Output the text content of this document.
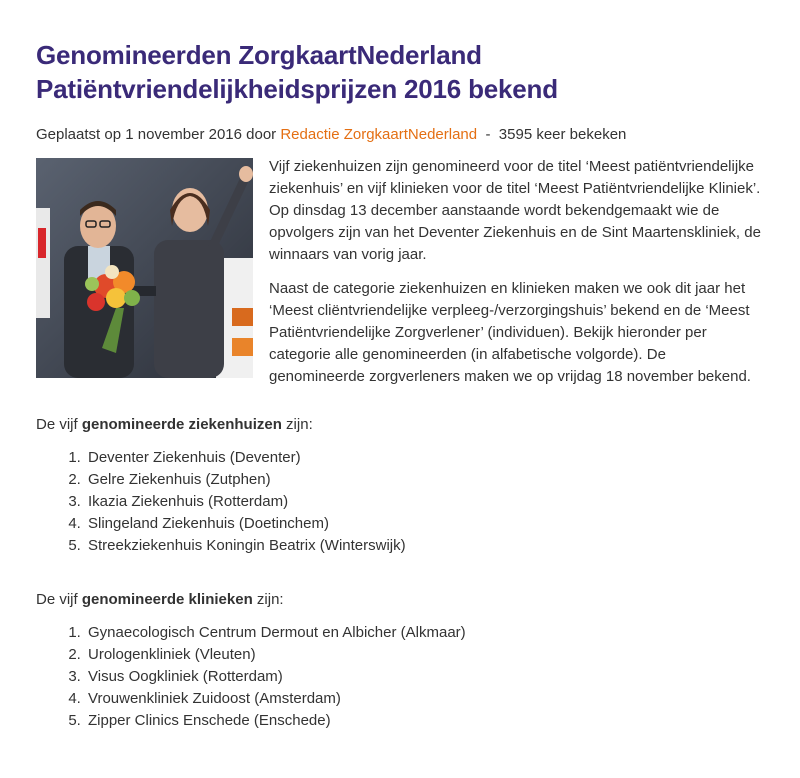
Genomineerden ZorgkaartNederland
Patiëntvriendelijkheidsprijzen 2016 bekend
Geplaatst op 1 november 2016 door Redactie ZorgkaartNederland  -  3595 keer bekeken

Vijf ziekenhuizen zijn genomineerd voor de titel ‘Meest patiëntvriendelijke ziekenhuis’ en vijf klinieken voor de titel ‘Meest Patiëntvriendelijke Kliniek’. Op dinsdag 13 december aanstaande wordt bekendgemaakt wie de opvolgers zijn van het Deventer Ziekenhuis en de Sint Maartenskliniek, de winnaars van vorig jaar.

Naast de categorie ziekenhuizen en klinieken maken we ook dit jaar het ‘Meest cliëntvriendelijke verpleeg-/verzorgingshuis’ bekend en de ‘Meest Patiëntvriendelijke Zorgverlener’ (individuen). Bekijk hieronder per categorie alle genomineerden (in alfabetische volgorde). De genomineerde zorgverleners maken we op vrijdag 18 november bekend.

De vijf genomineerde ziekenhuizen zijn:
1. Deventer Ziekenhuis (Deventer)
2. Gelre Ziekenhuis (Zutphen)
3. Ikazia Ziekenhuis (Rotterdam)
4. Slingeland Ziekenhuis (Doetinchem)
5. Streekziekenhuis Koningin Beatrix (Winterswijk)
De vijf genomineerde klinieken zijn:
1. Gynaecologisch Centrum Dermout en Albicher (Alkmaar)
2. Urologenkliniek (Vleuten)
3. Visus Oogkliniek (Rotterdam)
4. Vrouwenkliniek Zuidoost (Amsterdam)
5. Zipper Clinics Enschede (Enschede)
